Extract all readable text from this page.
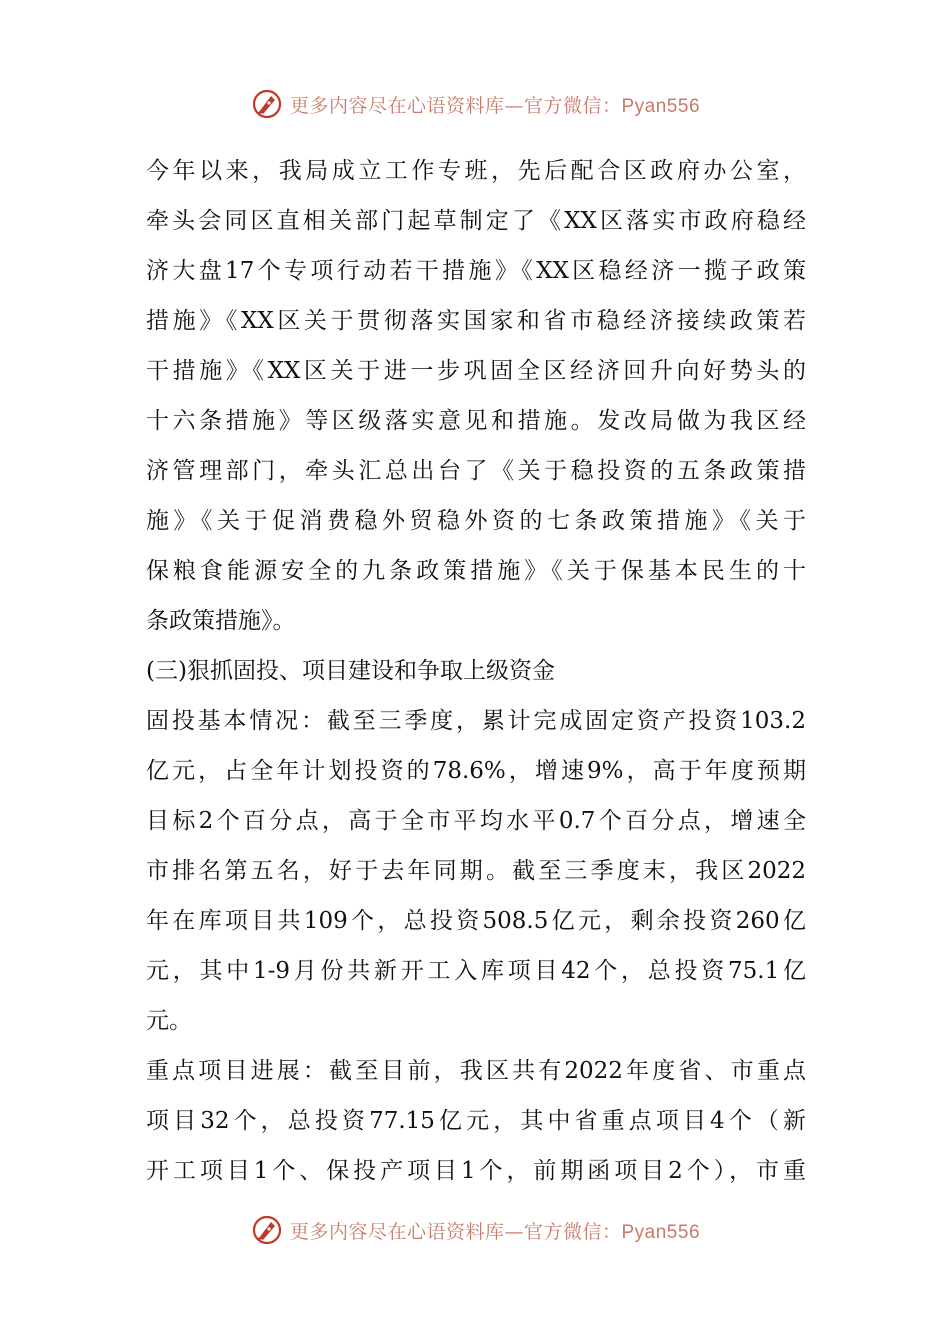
更多内容尽在心语资料库—官方微信：Pyan556
今年以来，我局成立工作专班，先后配合区政府办公室，
牵头会同区直相关部门起草制定了《XX区落实市政府稳经
济大盘17个专项行动若干措施》《XX区稳经济一揽子政策
措施》《XX区关于贯彻落实国家和省市稳经济接续政策若
干措施》《XX区关于进一步巩固全区经济回升向好势头的
十六条措施》等区级落实意见和措施。发改局做为我区经
济管理部门，牵头汇总出台了《关于稳投资的五条政策措
施》《关于促消费稳外贸稳外资的七条政策措施》《关于
保粮食能源安全的九条政策措施》《关于保基本民生的十
条政策措施》。
(三)狠抓固投、项目建设和争取上级资金
固投基本情况：截至三季度，累计完成固定资产投资103.2
亿元，占全年计划投资的78.6%，增速9%，高于年度预期
目标2个百分点，高于全市平均水平0.7个百分点，增速全
市排名第五名，好于去年同期。截至三季度末，我区2022
年在库项目共109个，总投资508.5亿元，剩余投资260亿
元，其中1-9月份共新开工入库项目42个，总投资75.1亿
元。
重点项目进展：截至目前，我区共有2022年度省、市重点
项目32个，总投资77.15亿元，其中省重点项目4个（新
开工项目1个、保投产项目1个，前期函项目2个），市重
更多内容尽在心语资料库—官方微信：Pyan556
